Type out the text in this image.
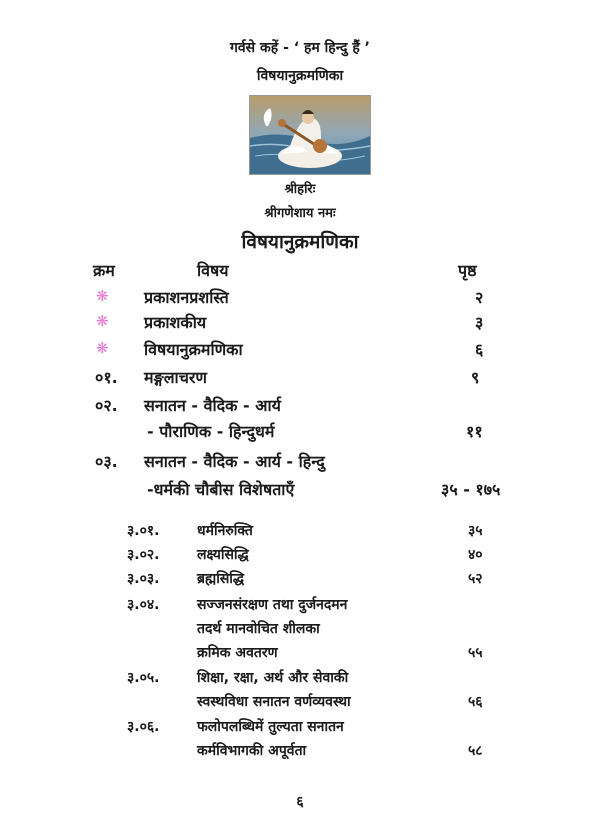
गर्वसे कहें - ‘ हम हिन्दु हैं ’
विषयानुक्रमणिका
श्रीहरिः
श्रीगणेशाय नमः
विषयानुक्रमणिका
क्रम	विषय	पृष्ठ
❋ प्रकाशनप्रशस्ति	२
❋ प्रकाशकीय	३
❋ विषयानुक्रमणिका	६
०१. मङ्गलाचरण	९
०२. सनातन - वैदिक - आर्य
- पौराणिक - हिन्दुधर्म	११
०३. सनातन - वैदिक - आर्य - हिन्दु
-धर्मकी चौबीस विशेषताएँ	३५ - १७५
३.०१.	धर्मनिरुक्ति	३५
३.०२.	लक्ष्यसिद्धि	४०
३.०३.	ब्रह्मसिद्धि	५२
३.०४.	सज्जनसंरक्षण तथा दुर्जनदमन
तदर्थ मानवोचित शीलका
क्रमिक अवतरण	५५
३.०५.	शिक्षा, रक्षा, अर्थ और सेवाकी
स्वस्थविधा सनातन वर्णव्यवस्था	५६
३.०६.	फलोपलब्धिमें तुल्यता सनातन
कर्मविभागकी अपूर्वता	५८
६
